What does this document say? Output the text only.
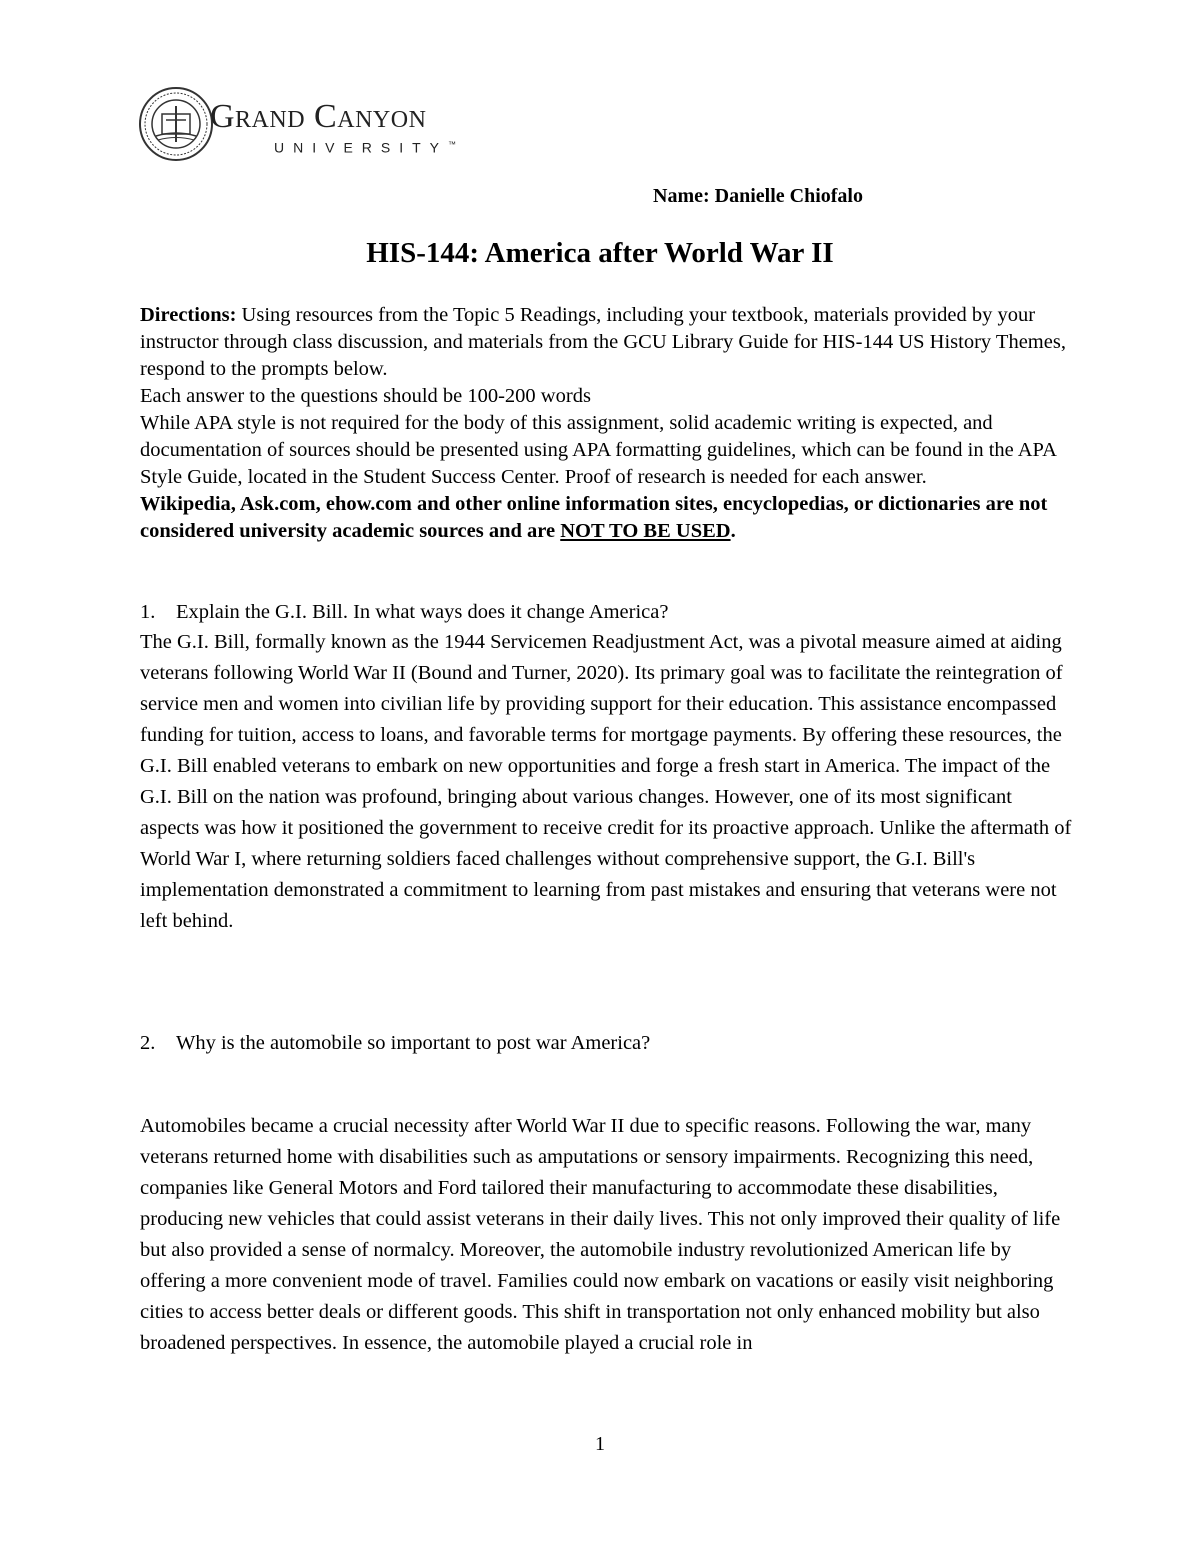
Grand Canyon
UNIVERSITY™
Name: Danielle Chiofalo
HIS-144: America after World War II

Directions: Using resources from the Topic 5 Readings, including your textbook, materials provided by your instructor through class discussion, and materials from the GCU Library Guide for HIS-144 US History Themes, respond to the prompts below.

Each answer to the questions should be 100-200 words

While APA style is not required for the body of this assignment, solid academic writing is expected, and documentation of sources should be presented using APA formatting guidelines, which can be found in the APA Style Guide, located in the Student Success Center. Proof of research is needed for each answer.

Wikipedia, Ask.com, ehow.com and other online information sites, encyclopedias, or dictionaries are not considered university academic sources and are NOT TO BE USED.

1. Explain the G.I. Bill. In what ways does it change America?
The G.I. Bill, formally known as the 1944 Servicemen Readjustment Act, was a pivotal measure aimed at aiding veterans following World War II (Bound and Turner, 2020). Its primary goal was to facilitate the reintegration of service men and women into civilian life by providing support for their education. This assistance encompassed funding for tuition, access to loans, and favorable terms for mortgage payments. By offering these resources, the G.I. Bill enabled veterans to embark on new opportunities and forge a fresh start in America. The impact of the G.I. Bill on the nation was profound, bringing about various changes. However, one of its most significant aspects was how it positioned the government to receive credit for its proactive approach. Unlike the aftermath of World War I, where returning soldiers faced challenges without comprehensive support, the G.I. Bill's implementation demonstrated a commitment to learning from past mistakes and ensuring that veterans were not left behind.
2. Why is the automobile so important to post war America?
Automobiles became a crucial necessity after World War II due to specific reasons. Following the war, many veterans returned home with disabilities such as amputations or sensory impairments. Recognizing this need, companies like General Motors and Ford tailored their manufacturing to accommodate these disabilities, producing new vehicles that could assist veterans in their daily lives. This not only improved their quality of life but also provided a sense of normalcy. Moreover, the automobile industry revolutionized American life by offering a more convenient mode of travel. Families could now embark on vacations or easily visit neighboring cities to access better deals or different goods. This shift in transportation not only enhanced mobility but also broadened perspectives. In essence, the automobile played a crucial role in
1
